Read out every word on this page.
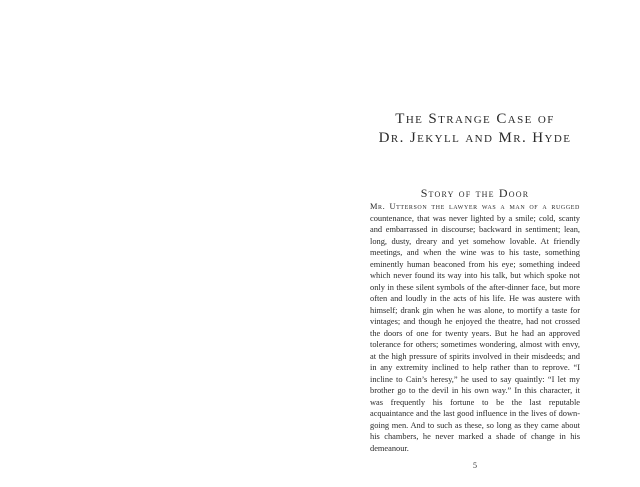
The Strange Case of
Dr. Jekyll and Mr. Hyde
Story of the Door

Mr. Utterson the lawyer was a man of a rugged countenance, that was never lighted by a smile; cold, scanty and embarrassed in discourse; backward in sentiment; lean, long, dusty, dreary and yet somehow lovable. At friendly meetings, and when the wine was to his taste, something eminently human beaconed from his eye; something indeed which never found its way into his talk, but which spoke not only in these silent symbols of the after-dinner face, but more often and loudly in the acts of his life. He was austere with himself; drank gin when he was alone, to mortify a taste for vintages; and though he enjoyed the theatre, had not crossed the doors of one for twenty years. But he had an approved tolerance for others; sometimes wondering, almost with envy, at the high pressure of spirits involved in their misdeeds; and in any extremity inclined to help rather than to reprove. “I incline to Cain’s heresy,” he used to say quaintly: “I let my brother go to the devil in his own way.” In this character, it was frequently his fortune to be the last reputable acquaintance and the last good influence in the lives of down-going men. And to such as these, so long as they came about his chambers, he never marked a shade of change in his demeanour.

5
